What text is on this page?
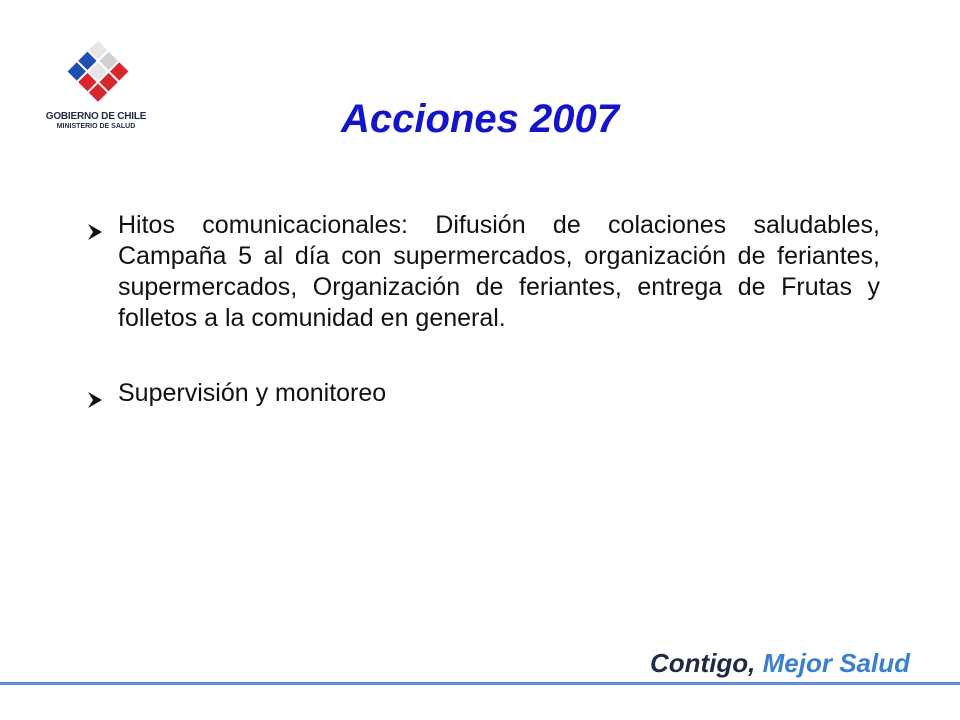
GOBIERNO DE CHILE
MINISTERIO DE SALUD	Acciones 2007
Hitos comunicacionales: Difusión de colaciones saludables, Campaña 5 al día con supermercados, organización de feriantes, supermercados, Organización de feriantes, entrega de Frutas y folletos a la comunidad en general.
Supervisión y monitoreo
Contigo, Mejor Salud
